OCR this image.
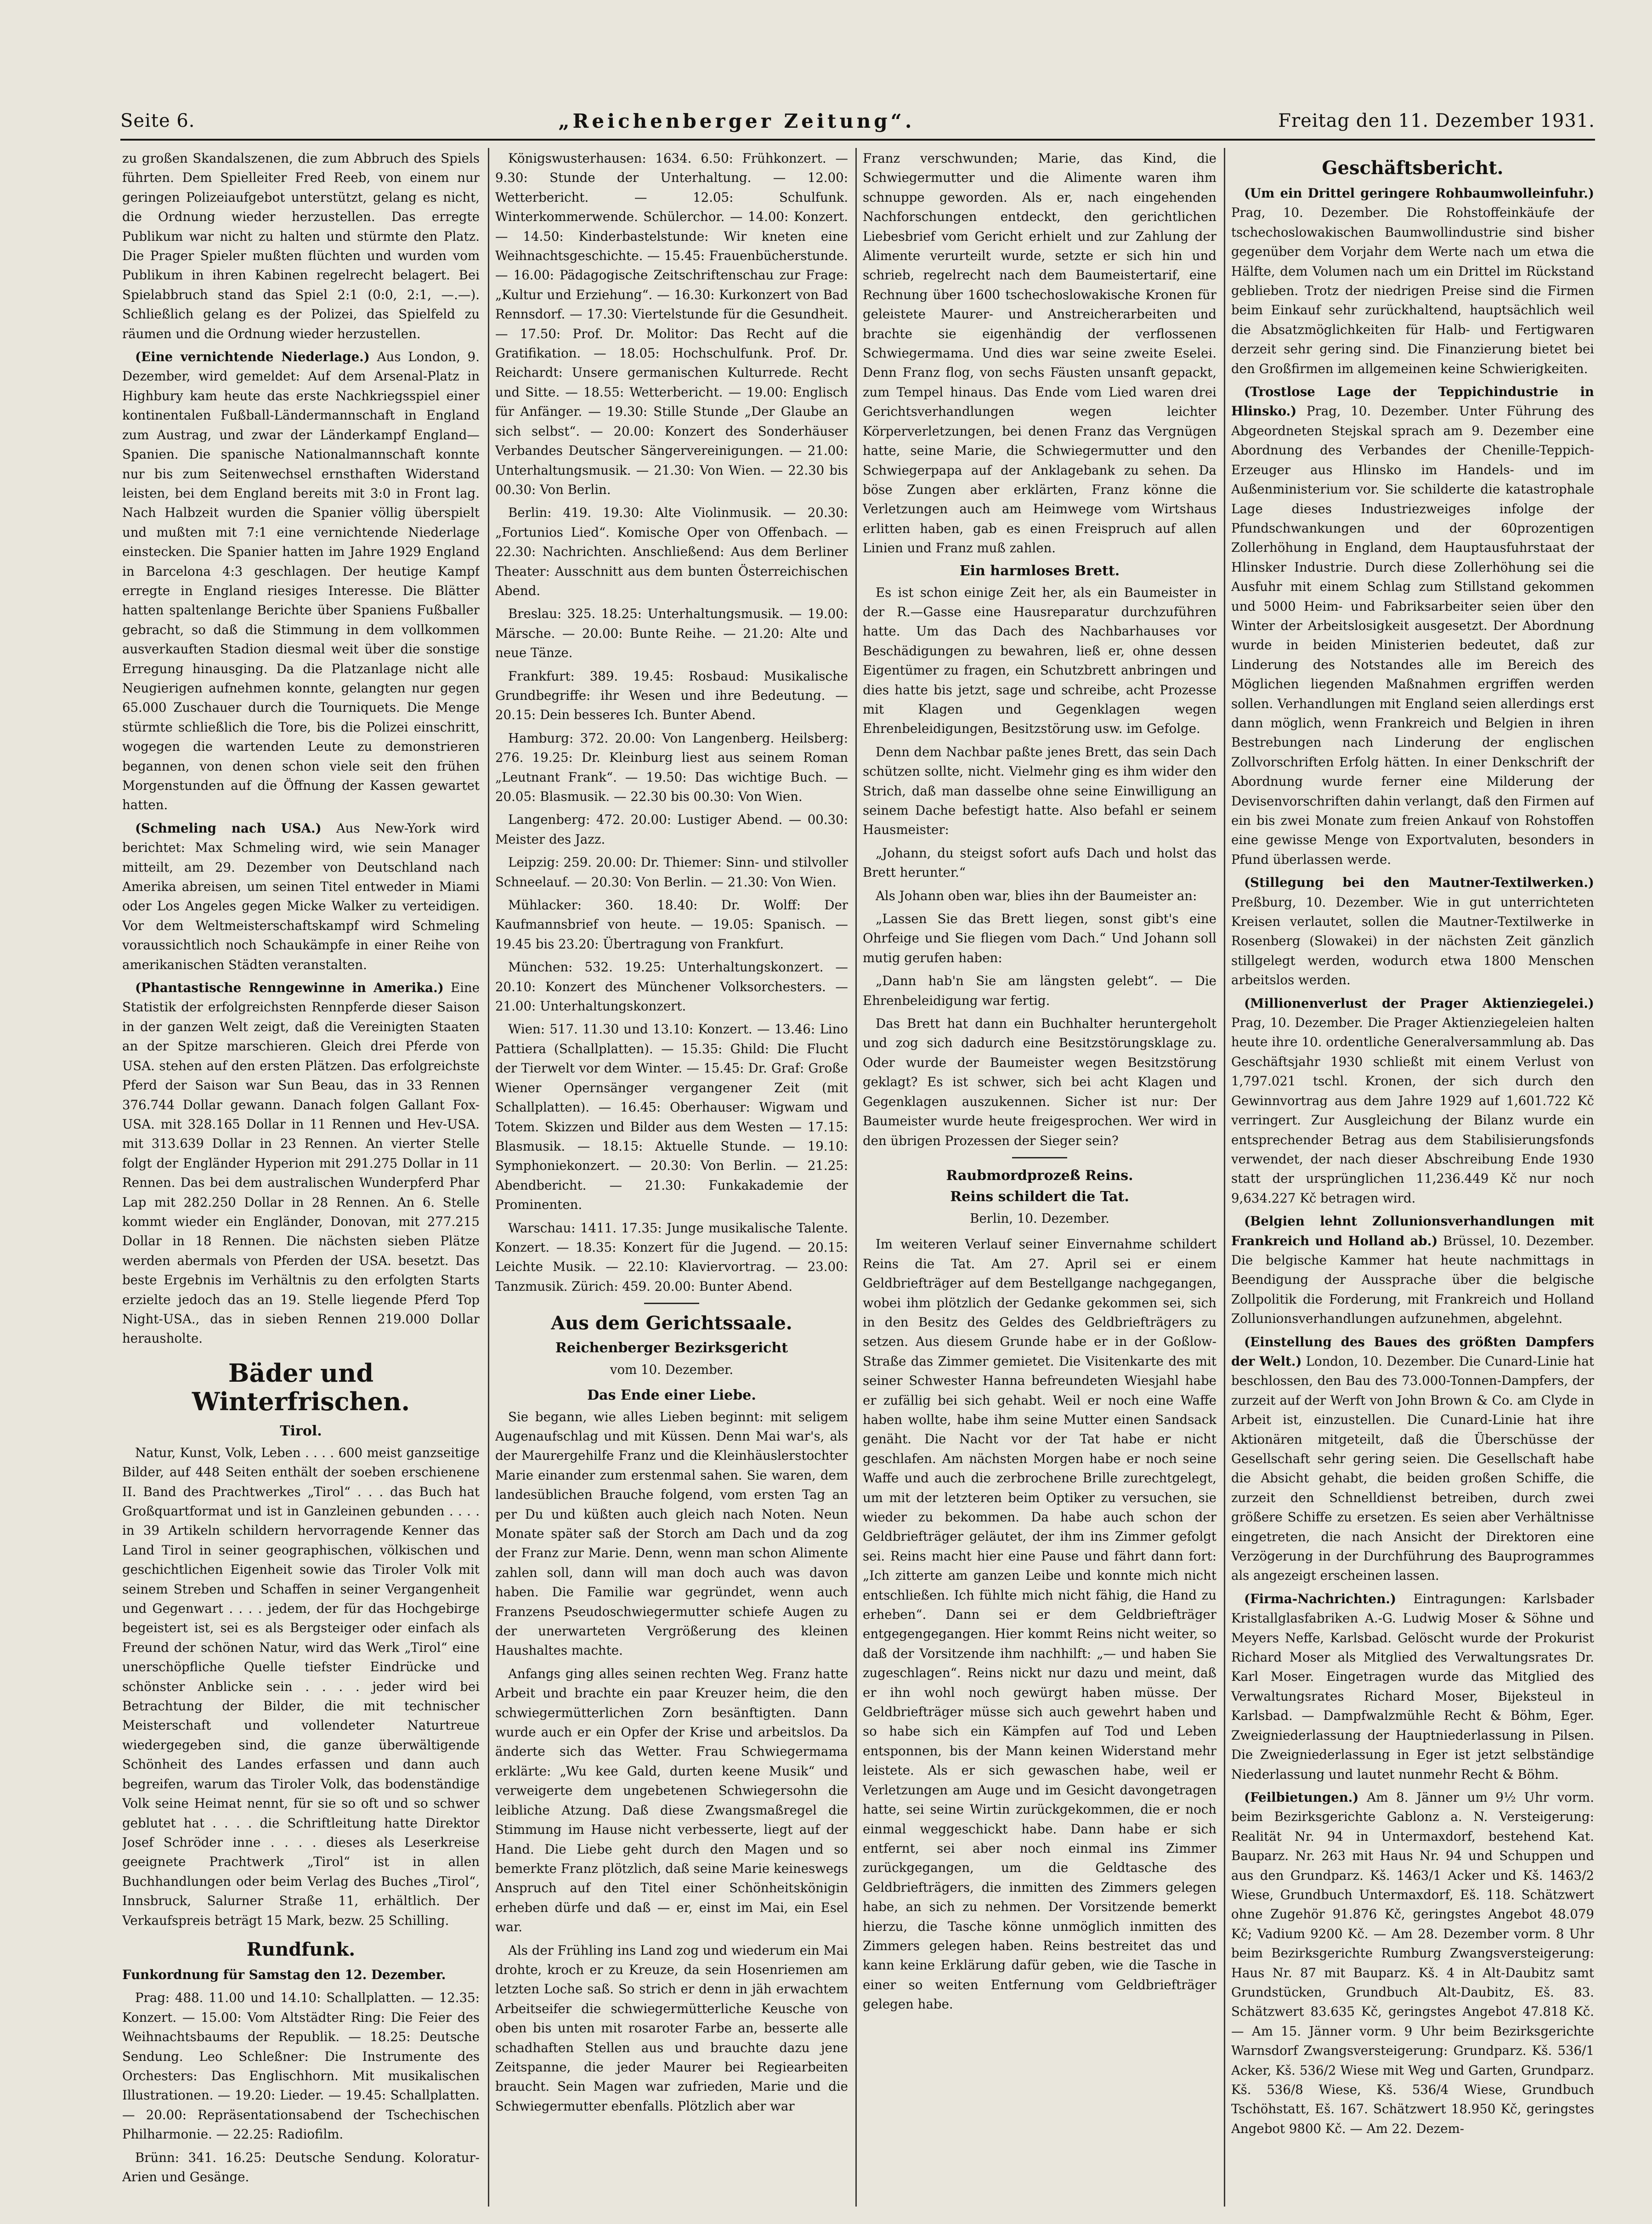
Seite 6.	„Reichenberger Zeitung“.	Freitag den 11. Dezember 1931.

zu großen Skandalszenen, die zum Abbruch des Spiels führten. Dem Spielleiter Fred Reeb, von einem nur geringen Polizeiaufgebot unterstützt, gelang es nicht, die Ordnung wieder herzustellen. Das erregte Publikum war nicht zu halten und stürmte den Platz. Die Prager Spieler mußten flüchten und wurden vom Publikum in ihren Kabinen regelrecht belagert. Bei Spielabbruch stand das Spiel 2:1 (0:0, 2:1, —.—). Schließlich gelang es der Polizei, das Spielfeld zu räumen und die Ordnung wieder herzustellen.

(Eine vernichtende Niederlage.) Aus London, 9. Dezember, wird gemeldet: Auf dem Arsenal-Platz in Highbury kam heute das erste Nachkriegsspiel einer kontinentalen Fußball-Ländermannschaft in England zum Austrag, und zwar der Länderkampf England—Spanien. Die spanische Nationalmannschaft konnte nur bis zum Seitenwechsel ernsthaften Widerstand leisten, bei dem England bereits mit 3:0 in Front lag. Nach Halbzeit wurden die Spanier völlig überspielt und mußten mit 7:1 eine vernichtende Niederlage einstecken. Die Spanier hatten im Jahre 1929 England in Barcelona 4:3 geschlagen. Der heutige Kampf erregte in England riesiges Interesse. Die Blätter hatten spaltenlange Berichte über Spaniens Fußballer gebracht, so daß die Stimmung in dem vollkommen ausverkauften Stadion diesmal weit über die sonstige Erregung hinausging. Da die Platzanlage nicht alle Neugierigen aufnehmen konnte, gelangten nur gegen 65.000 Zuschauer durch die Tourniquets. Die Menge stürmte schließlich die Tore, bis die Polizei einschritt, wogegen die wartenden Leute zu demonstrieren begannen, von denen schon viele seit den frühen Morgenstunden auf die Öffnung der Kassen gewartet hatten.

(Schmeling nach USA.) Aus New-York wird berichtet: Max Schmeling wird, wie sein Manager mitteilt, am 29. Dezember von Deutschland nach Amerika abreisen, um seinen Titel entweder in Miami oder Los Angeles gegen Micke Walker zu verteidigen. Vor dem Weltmeisterschaftskampf wird Schmeling voraussichtlich noch Schaukämpfe in einer Reihe von amerikanischen Städten veranstalten.

(Phantastische Renngewinne in Amerika.) Eine Statistik der erfolgreichsten Rennpferde dieser Saison in der ganzen Welt zeigt, daß die Vereinigten Staaten an der Spitze marschieren. Gleich drei Pferde von USA. stehen auf den ersten Plätzen. Das erfolgreichste Pferd der Saison war Sun Beau, das in 33 Rennen 376.744 Dollar gewann. Danach folgen Gallant Fox-USA. mit 328.165 Dollar in 11 Rennen und Hev-USA. mit 313.639 Dollar in 23 Rennen. An vierter Stelle folgt der Engländer Hyperion mit 291.275 Dollar in 11 Rennen. Das bei dem australischen Wunderpferd Phar Lap mit 282.250 Dollar in 28 Rennen. An 6. Stelle kommt wieder ein Engländer, Donovan, mit 277.215 Dollar in 18 Rennen. Die nächsten sieben Plätze werden abermals von Pferden der USA. besetzt. Das beste Ergebnis im Verhältnis zu den erfolgten Starts erzielte jedoch das an 19. Stelle liegende Pferd Top Night-USA., das in sieben Rennen 219.000 Dollar herausholte.

Bäder und Winterfrischen.
Tirol.

Natur, Kunst, Volk, Leben . . . . 600 meist ganzseitige Bilder, auf 448 Seiten enthält der soeben erschienene II. Band des Prachtwerkes „Tirol“ . . . das Buch hat Großquartformat und ist in Ganzleinen gebunden . . . . in 39 Artikeln schildern hervorragende Kenner das Land Tirol in seiner geographischen, völkischen und geschichtlichen Eigenheit sowie das Tiroler Volk mit seinem Streben und Schaffen in seiner Vergangenheit und Gegenwart . . . . jedem, der für das Hochgebirge begeistert ist, sei es als Bergsteiger oder einfach als Freund der schönen Natur, wird das Werk „Tirol“ eine unerschöpfliche Quelle tiefster Eindrücke und schönster Anblicke sein . . . . jeder wird bei Betrachtung der Bilder, die mit technischer Meisterschaft und vollendeter Naturtreue wiedergegeben sind, die ganze überwältigende Schönheit des Landes erfassen und dann auch begreifen, warum das Tiroler Volk, das bodenständige Volk seine Heimat nennt, für sie so oft und so schwer geblutet hat . . . . die Schriftleitung hatte Direktor Josef Schröder inne . . . . dieses als Leserkreise geeignete Prachtwerk „Tirol“ ist in allen Buchhandlungen oder beim Verlag des Buches „Tirol“, Innsbruck, Salurner Straße 11, erhältlich. Der Verkaufspreis beträgt 15 Mark, bezw. 25 Schilling.

Rundfunk.

Funkordnung für Samstag den 12. Dezember.

Prag: 488. 11.00 und 14.10: Schallplatten. — 12.35: Konzert. — 15.00: Vom Altstädter Ring: Die Feier des Weihnachtsbaums der Republik. — 18.25: Deutsche Sendung. Leo Schleßner: Die Instrumente des Orchesters: Das Englischhorn. Mit musikalischen Illustrationen. — 19.20: Lieder. — 19.45: Schallplatten. — 20.00: Repräsentationsabend der Tschechischen Philharmonie. — 22.25: Radiofilm.

Brünn: 341. 16.25: Deutsche Sendung. Koloratur-Arien und Gesänge.

Königswusterhausen: 1634. 6.50: Frühkonzert. — 9.30: Stunde der Unterhaltung. — 12.00: Wetterbericht. — 12.05: Schulfunk. Winterkommerwende. Schülerchor. — 14.00: Konzert. — 14.50: Kinderbastelstunde: Wir kneten eine Weihnachtsgeschichte. — 15.45: Frauenbücherstunde. — 16.00: Pädagogische Zeitschriftenschau zur Frage: „Kultur und Erziehung“. — 16.30: Kurkonzert von Bad Rennsdorf. — 17.30: Viertelstunde für die Gesundheit. — 17.50: Prof. Dr. Molitor: Das Recht auf die Gratifikation. — 18.05: Hochschulfunk. Prof. Dr. Reichardt: Unsere germanischen Kulturrede. Recht und Sitte. — 18.55: Wetterbericht. — 19.00: Englisch für Anfänger. — 19.30: Stille Stunde „Der Glaube an sich selbst“. — 20.00: Konzert des Sonderhäuser Verbandes Deutscher Sängervereinigungen. — 21.00: Unterhaltungsmusik. — 21.30: Von Wien. — 22.30 bis 00.30: Von Berlin.

Berlin: 419. 19.30: Alte Violinmusik. — 20.30: „Fortunios Lied“. Komische Oper von Offenbach. — 22.30: Nachrichten. Anschließend: Aus dem Berliner Theater: Ausschnitt aus dem bunten Österreichischen Abend.

Breslau: 325. 18.25: Unterhaltungsmusik. — 19.00: Märsche. — 20.00: Bunte Reihe. — 21.20: Alte und neue Tänze.

Frankfurt: 389. 19.45: Rosbaud: Musikalische Grundbegriffe: ihr Wesen und ihre Bedeutung. — 20.15: Dein besseres Ich. Bunter Abend.

Hamburg: 372. 20.00: Von Langenberg. Heilsberg: 276. 19.25: Dr. Kleinburg liest aus seinem Roman „Leutnant Frank“. — 19.50: Das wichtige Buch. — 20.05: Blasmusik. — 22.30 bis 00.30: Von Wien.

Langenberg: 472. 20.00: Lustiger Abend. — 00.30: Meister des Jazz.

Leipzig: 259. 20.00: Dr. Thiemer: Sinn- und stilvoller Schneelauf. — 20.30: Von Berlin. — 21.30: Von Wien.

Mühlacker: 360. 18.40: Dr. Wolff: Der Kaufmannsbrief von heute. — 19.05: Spanisch. — 19.45 bis 23.20: Übertragung von Frankfurt.

München: 532. 19.25: Unterhaltungskonzert. — 20.10: Konzert des Münchener Volksorchesters. — 21.00: Unterhaltungskonzert.

Wien: 517. 11.30 und 13.10: Konzert. — 13.46: Lino Pattiera (Schallplatten). — 15.35: Ghild: Die Flucht der Tierwelt vor dem Winter. — 15.45: Dr. Graf: Große Wiener Opernsänger vergangener Zeit (mit Schallplatten). — 16.45: Oberhauser: Wigwam und Totem. Skizzen und Bilder aus dem Westen — 17.15: Blasmusik. — 18.15: Aktuelle Stunde. — 19.10: Symphoniekonzert. — 20.30: Von Berlin. — 21.25: Abendbericht. — 21.30: Funkakademie der Prominenten.

Warschau: 1411. 17.35: Junge musikalische Talente. Konzert. — 18.35: Konzert für die Jugend. — 20.15: Leichte Musik. — 22.10: Klaviervortrag. — 23.00: Tanzmusik. Zürich: 459. 20.00: Bunter Abend.

Aus dem Gerichtssaale.
Reichenberger Bezirksgericht

vom 10. Dezember.

Das Ende einer Liebe.

Sie begann, wie alles Lieben beginnt: mit seligem Augenaufschlag und mit Küssen. Denn Mai war's, als der Maurergehilfe Franz und die Kleinhäuslerstochter Marie einander zum erstenmal sahen. Sie waren, dem landesüblichen Brauche folgend, vom ersten Tag an per Du und küßten auch gleich nach Noten. Neun Monate später saß der Storch am Dach und da zog der Franz zur Marie. Denn, wenn man schon Alimente zahlen soll, dann will man doch auch was davon haben. Die Familie war gegründet, wenn auch Franzens Pseudoschwiegermutter schiefe Augen zu der unerwarteten Vergrößerung des kleinen Haushaltes machte.

Anfangs ging alles seinen rechten Weg. Franz hatte Arbeit und brachte ein paar Kreuzer heim, die den schwiegermütterlichen Zorn besänftigten. Dann wurde auch er ein Opfer der Krise und arbeitslos. Da änderte sich das Wetter. Frau Schwiegermama erklärte: „Wu kee Gald, durten keene Musik“ und verweigerte dem ungebetenen Schwiegersohn die leibliche Atzung. Daß diese Zwangsmaßregel die Stimmung im Hause nicht verbesserte, liegt auf der Hand. Die Liebe geht durch den Magen und so bemerkte Franz plötzlich, daß seine Marie keineswegs Anspruch auf den Titel einer Schönheitskönigin erheben dürfe und daß — er, einst im Mai, ein Esel war.

Als der Frühling ins Land zog und wiederum ein Mai drohte, kroch er zu Kreuze, da sein Hosenriemen am letzten Loche saß. So strich er denn in jäh erwachtem Arbeitseifer die schwiegermütterliche Keusche von oben bis unten mit rosaroter Farbe an, besserte alle schadhaften Stellen aus und brauchte dazu jene Zeitspanne, die jeder Maurer bei Regiearbeiten braucht. Sein Magen war zufrieden, Marie und die Schwiegermutter ebenfalls. Plötzlich aber war

Franz verschwunden; Marie, das Kind, die Schwiegermutter und die Alimente waren ihm schnuppe geworden. Als er, nach eingehenden Nachforschungen entdeckt, den gerichtlichen Liebesbrief vom Gericht erhielt und zur Zahlung der Alimente verurteilt wurde, setzte er sich hin und schrieb, regelrecht nach dem Baumeistertarif, eine Rechnung über 1600 tschechoslowakische Kronen für geleistete Maurer- und Anstreicherarbeiten und brachte sie eigenhändig der verflossenen Schwiegermama. Und dies war seine zweite Eselei. Denn Franz flog, von sechs Fäusten unsanft gepackt, zum Tempel hinaus. Das Ende vom Lied waren drei Gerichtsverhandlungen wegen leichter Körperverletzungen, bei denen Franz das Vergnügen hatte, seine Marie, die Schwiegermutter und den Schwiegerpapa auf der Anklagebank zu sehen. Da böse Zungen aber erklärten, Franz könne die Verletzungen auch am Heimwege vom Wirtshaus erlitten haben, gab es einen Freispruch auf allen Linien und Franz muß zahlen.

Ein harmloses Brett.

Es ist schon einige Zeit her, als ein Baumeister in der R.—Gasse eine Hausreparatur durchzuführen hatte. Um das Dach des Nachbarhauses vor Beschädigungen zu bewahren, ließ er, ohne dessen Eigentümer zu fragen, ein Schutzbrett anbringen und dies hatte bis jetzt, sage und schreibe, acht Prozesse mit Klagen und Gegenklagen wegen Ehrenbeleidigungen, Besitzstörung usw. im Gefolge.

Denn dem Nachbar paßte jenes Brett, das sein Dach schützen sollte, nicht. Vielmehr ging es ihm wider den Strich, daß man dasselbe ohne seine Einwilligung an seinem Dache befestigt hatte. Also befahl er seinem Hausmeister:

„Johann, du steigst sofort aufs Dach und holst das Brett herunter.“

Als Johann oben war, blies ihn der Baumeister an:

„Lassen Sie das Brett liegen, sonst gibt's eine Ohrfeige und Sie fliegen vom Dach.“ Und Johann soll mutig gerufen haben:

„Dann hab'n Sie am längsten gelebt“. — Die Ehrenbeleidigung war fertig.

Das Brett hat dann ein Buchhalter heruntergeholt und zog sich dadurch eine Besitzstörungsklage zu. Oder wurde der Baumeister wegen Besitzstörung geklagt? Es ist schwer, sich bei acht Klagen und Gegenklagen auszukennen. Sicher ist nur: Der Baumeister wurde heute freigesprochen. Wer wird in den übrigen Prozessen der Sieger sein?

Raubmordprozeß Reins.
Reins schildert die Tat.

Berlin, 10. Dezember.

Im weiteren Verlauf seiner Einvernahme schildert Reins die Tat. Am 27. April sei er einem Geldbriefträger auf dem Bestellgange nachgegangen, wobei ihm plötzlich der Gedanke gekommen sei, sich in den Besitz des Geldes des Geldbriefträgers zu setzen. Aus diesem Grunde habe er in der Goßlow-Straße das Zimmer gemietet. Die Visitenkarte des mit seiner Schwester Hanna befreundeten Wiesjahl habe er zufällig bei sich gehabt. Weil er noch eine Waffe haben wollte, habe ihm seine Mutter einen Sandsack genäht. Die Nacht vor der Tat habe er nicht geschlafen. Am nächsten Morgen habe er noch seine Waffe und auch die zerbrochene Brille zurechtgelegt, um mit der letzteren beim Optiker zu versuchen, sie wieder zu bekommen. Da habe auch schon der Geldbriefträger geläutet, der ihm ins Zimmer gefolgt sei. Reins macht hier eine Pause und fährt dann fort: „Ich zitterte am ganzen Leibe und konnte mich nicht entschließen. Ich fühlte mich nicht fähig, die Hand zu erheben“. Dann sei er dem Geldbriefträger entgegengegangen. Hier kommt Reins nicht weiter, so daß der Vorsitzende ihm nachhilft: „— und haben Sie zugeschlagen“. Reins nickt nur dazu und meint, daß er ihn wohl noch gewürgt haben müsse. Der Geldbriefträger müsse sich auch gewehrt haben und so habe sich ein Kämpfen auf Tod und Leben entsponnen, bis der Mann keinen Widerstand mehr leistete. Als er sich gewaschen habe, weil er Verletzungen am Auge und im Gesicht davongetragen hatte, sei seine Wirtin zurückgekommen, die er noch einmal weggeschickt habe. Dann habe er sich entfernt, sei aber noch einmal ins Zimmer zurückgegangen, um die Geldtasche des Geldbriefträgers, die inmitten des Zimmers gelegen habe, an sich zu nehmen. Der Vorsitzende bemerkt hierzu, die Tasche könne unmöglich inmitten des Zimmers gelegen haben. Reins bestreitet das und kann keine Erklärung dafür geben, wie die Tasche in einer so weiten Entfernung vom Geldbriefträger gelegen habe.

Geschäftsbericht.

(Um ein Drittel geringere Rohbaumwolleinfuhr.) Prag, 10. Dezember. Die Rohstoffeinkäufe der tschechoslowakischen Baumwollindustrie sind bisher gegenüber dem Vorjahr dem Werte nach um etwa die Hälfte, dem Volumen nach um ein Drittel im Rückstand geblieben. Trotz der niedrigen Preise sind die Firmen beim Einkauf sehr zurückhaltend, hauptsächlich weil die Absatzmöglichkeiten für Halb- und Fertigwaren derzeit sehr gering sind. Die Finanzierung bietet bei den Großfirmen im allgemeinen keine Schwierigkeiten.

(Trostlose Lage der Teppichindustrie in Hlinsko.) Prag, 10. Dezember. Unter Führung des Abgeordneten Stejskal sprach am 9. Dezember eine Abordnung des Verbandes der Chenille-Teppich-Erzeuger aus Hlinsko im Handels- und im Außenministerium vor. Sie schilderte die katastrophale Lage dieses Industriezweiges infolge der Pfundschwankungen und der 60prozentigen Zollerhöhung in England, dem Hauptausfuhrstaat der Hlinsker Industrie. Durch diese Zollerhöhung sei die Ausfuhr mit einem Schlag zum Stillstand gekommen und 5000 Heim- und Fabriksarbeiter seien über den Winter der Arbeitslosigkeit ausgesetzt. Der Abordnung wurde in beiden Ministerien bedeutet, daß zur Linderung des Notstandes alle im Bereich des Möglichen liegenden Maßnahmen ergriffen werden sollen. Verhandlungen mit England seien allerdings erst dann möglich, wenn Frankreich und Belgien in ihren Bestrebungen nach Linderung der englischen Zollvorschriften Erfolg hätten. In einer Denkschrift der Abordnung wurde ferner eine Milderung der Devisenvorschriften dahin verlangt, daß den Firmen auf ein bis zwei Monate zum freien Ankauf von Rohstoffen eine gewisse Menge von Exportvaluten, besonders in Pfund überlassen werde.

(Stillegung bei den Mautner-Textilwerken.) Preßburg, 10. Dezember. Wie in gut unterrichteten Kreisen verlautet, sollen die Mautner-Textilwerke in Rosenberg (Slowakei) in der nächsten Zeit gänzlich stillgelegt werden, wodurch etwa 1800 Menschen arbeitslos werden.

(Millionenverlust der Prager Aktienziegelei.) Prag, 10. Dezember. Die Prager Aktienziegeleien halten heute ihre 10. ordentliche Generalversammlung ab. Das Geschäftsjahr 1930 schließt mit einem Verlust von 1,797.021 tschl. Kronen, der sich durch den Gewinnvortrag aus dem Jahre 1929 auf 1,601.722 Kč verringert. Zur Ausgleichung der Bilanz wurde ein entsprechender Betrag aus dem Stabilisierungsfonds verwendet, der nach dieser Abschreibung Ende 1930 statt der ursprünglichen 11,236.449 Kč nur noch 9,634.227 Kč betragen wird.

(Belgien lehnt Zollunionsverhandlungen mit Frankreich und Holland ab.) Brüssel, 10. Dezember. Die belgische Kammer hat heute nachmittags in Beendigung der Aussprache über die belgische Zollpolitik die Forderung, mit Frankreich und Holland Zollunionsverhandlungen aufzunehmen, abgelehnt.

(Einstellung des Baues des größten Dampfers der Welt.) London, 10. Dezember. Die Cunard-Linie hat beschlossen, den Bau des 73.000-Tonnen-Dampfers, der zurzeit auf der Werft von John Brown & Co. am Clyde in Arbeit ist, einzustellen. Die Cunard-Linie hat ihre Aktionären mitgeteilt, daß die Überschüsse der Gesellschaft sehr gering seien. Die Gesellschaft habe die Absicht gehabt, die beiden großen Schiffe, die zurzeit den Schnelldienst betreiben, durch zwei größere Schiffe zu ersetzen. Es seien aber Verhältnisse eingetreten, die nach Ansicht der Direktoren eine Verzögerung in der Durchführung des Bauprogrammes als angezeigt erscheinen lassen.

(Firma-Nachrichten.) Eintragungen: Karlsbader Kristallglasfabriken A.-G. Ludwig Moser & Söhne und Meyers Neffe, Karlsbad. Gelöscht wurde der Prokurist Richard Moser als Mitglied des Verwaltungsrates Dr. Karl Moser. Eingetragen wurde das Mitglied des Verwaltungsrates Richard Moser, Bijeksteul in Karlsbad. — Dampfwalzmühle Recht & Böhm, Eger. Zweigniederlassung der Hauptniederlassung in Pilsen. Die Zweigniederlassung in Eger ist jetzt selbständige Niederlassung und lautet nunmehr Recht & Böhm.

(Feilbietungen.) Am 8. Jänner um 9½ Uhr vorm. beim Bezirksgerichte Gablonz a. N. Versteigerung: Realität Nr. 94 in Untermaxdorf, bestehend Kat. Bauparz. Nr. 263 mit Haus Nr. 94 und Schuppen und aus den Grundparz. Kš. 1463/1 Acker und Kš. 1463/2 Wiese, Grundbuch Untermaxdorf, Eš. 118. Schätzwert ohne Zugehör 91.876 Kč, geringstes Angebot 48.079 Kč; Vadium 9200 Kč. — Am 28. Dezember vorm. 8 Uhr beim Bezirksgerichte Rumburg Zwangsversteigerung: Haus Nr. 87 mit Bauparz. Kš. 4 in Alt-Daubitz samt Grundstücken, Grundbuch Alt-Daubitz, Eš. 83. Schätzwert 83.635 Kč, geringstes Angebot 47.818 Kč. — Am 15. Jänner vorm. 9 Uhr beim Bezirksgerichte Warnsdorf Zwangsversteigerung: Grundparz. Kš. 536/1 Acker, Kš. 536/2 Wiese mit Weg und Garten, Grundparz. Kš. 536/8 Wiese, Kš. 536/4 Wiese, Grundbuch Tschöhstatt, Eš. 167. Schätzwert 18.950 Kč, geringstes Angebot 9800 Kč. — Am 22. Dezem-
